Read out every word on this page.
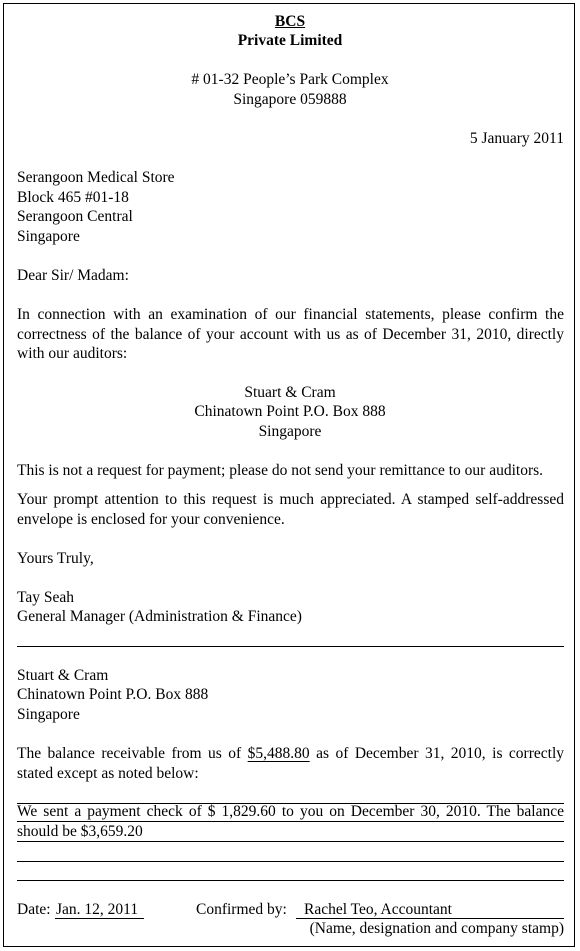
BCS
Private Limited
# 01-32 People’s Park Complex
Singapore 059888
5 January 2011
Serangoon Medical Store
Block 465 #01-18
Serangoon Central
Singapore
Dear Sir/ Madam:
In connection with an examination of our financial statements, please confirm the
correctness of the balance of your account with us as of December 31, 2010, directly
with our auditors:
Stuart & Cram
Chinatown Point P.O. Box 888
Singapore
This is not a request for payment; please do not send your remittance to our auditors.
Your prompt attention to this request is much appreciated. A stamped self-addressed
envelope is enclosed for your convenience.
Yours Truly,
Tay Seah
General Manager (Administration & Finance)
Stuart & Cram
Chinatown Point P.O. Box 888
Singapore
The balance receivable from us of $5,488.80 as of December 31, 2010, is correctly
stated except as noted below:
We sent a payment check of $ 1,829.60 to you on December 30, 2010. The balance
should be $3,659.20
Date: Jan. 12, 2011	Confirmed by: Rachel Teo, Accountant
(Name, designation and company stamp)
